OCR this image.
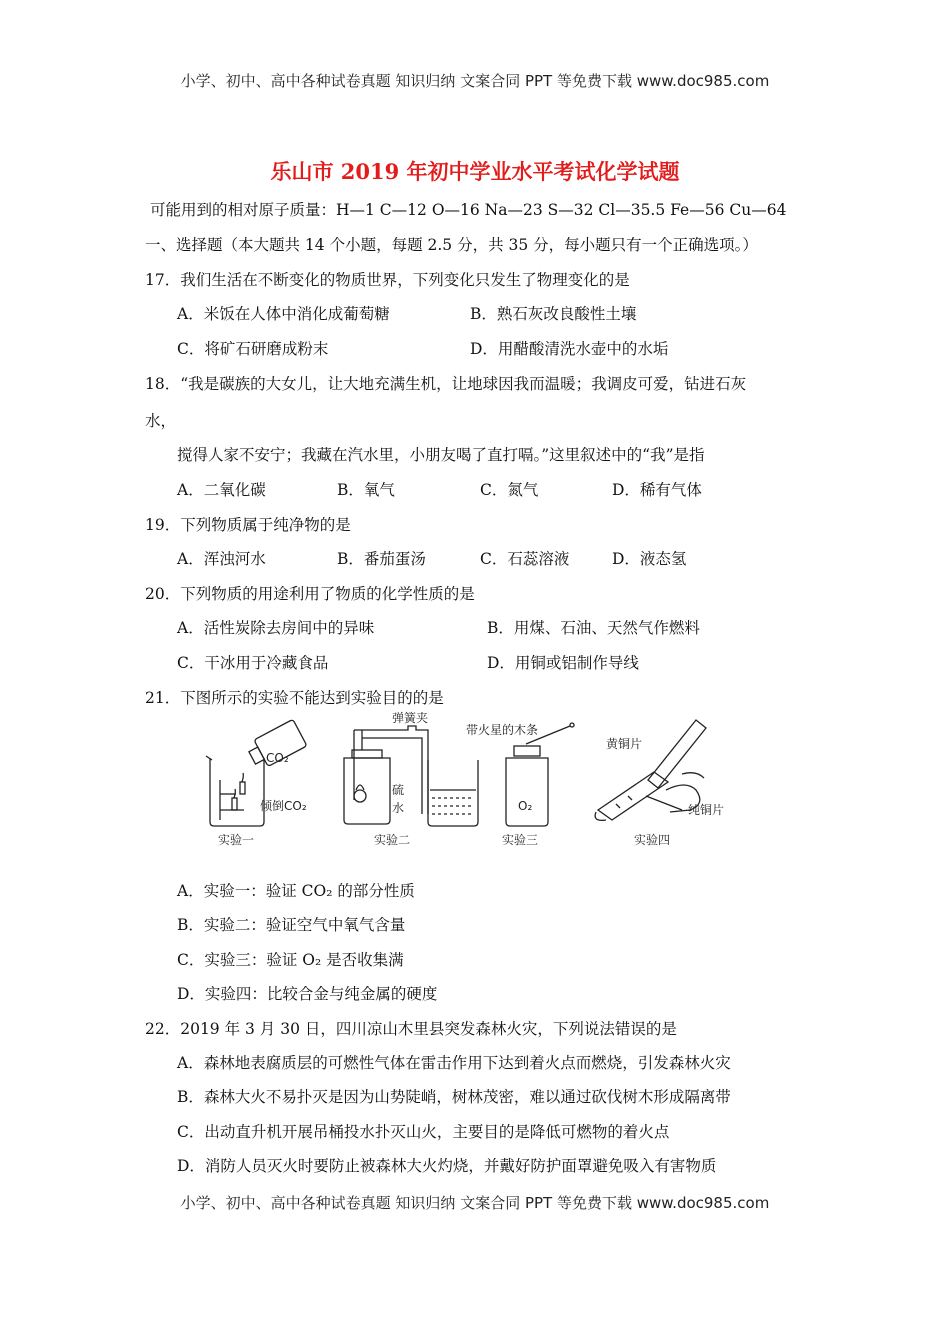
小学、初中、高中各种试卷真题 知识归纳 文案合同 PPT 等免费下载 www.doc985.com
乐山市 2019 年初中学业水平考试化学试题
可能用到的相对原子质量：H—1 C—12 O—16 Na—23 S—32 Cl—35.5 Fe—56 Cu—64
一、选择题（本大题共 14 个小题，每题 2.5 分，共 35 分，每小题只有一个正确选项。）
17．我们生活在不断变化的物质世界，下列变化只发生了物理变化的是
A．米饭在人体中消化成葡萄糖	B．熟石灰改良酸性土壤
C．将矿石研磨成粉末	D．用醋酸清洗水壶中的水垢
18．“我是碳族的大女儿，让大地充满生机，让地球因我而温暖；我调皮可爱，钻进石灰
水，
搅得人家不安宁；我藏在汽水里，小朋友喝了直打嗝。”这里叙述中的“我”是指
A．二氧化碳	B．氧气	C．氮气	D．稀有气体
19．下列物质属于纯净物的是
A．浑浊河水	B．番茄蛋汤	C．石蕊溶液	D．液态氢
20．下列物质的用途利用了物质的化学性质的是
A．活性炭除去房间中的异味	B．用煤、石油、天然气作燃料
C．干冰用于冷藏食品	D．用铜或铝制作导线
21．下图所示的实验不能达到实验目的的是
CO₂
倾倒CO₂
实验一
弹簧夹
硫
水
实验二
带火星的木条
O₂
实验三
黄铜片
纯铜片
实验四
A．实验一：验证 CO₂ 的部分性质
B．实验二：验证空气中氧气含量
C．实验三：验证 O₂ 是否收集满
D．实验四：比较合金与纯金属的硬度
22．2019 年 3 月 30 日，四川凉山木里县突发森林火灾，下列说法错误的是
A．森林地表腐质层的可燃性气体在雷击作用下达到着火点而燃烧，引发森林火灾
B．森林大火不易扑灭是因为山势陡峭，树林茂密，难以通过砍伐树木形成隔离带
C．出动直升机开展吊桶投水扑灭山火，主要目的是降低可燃物的着火点
D．消防人员灭火时要防止被森林大火灼烧，并戴好防护面罩避免吸入有害物质
小学、初中、高中各种试卷真题 知识归纳 文案合同 PPT 等免费下载 www.doc985.com
